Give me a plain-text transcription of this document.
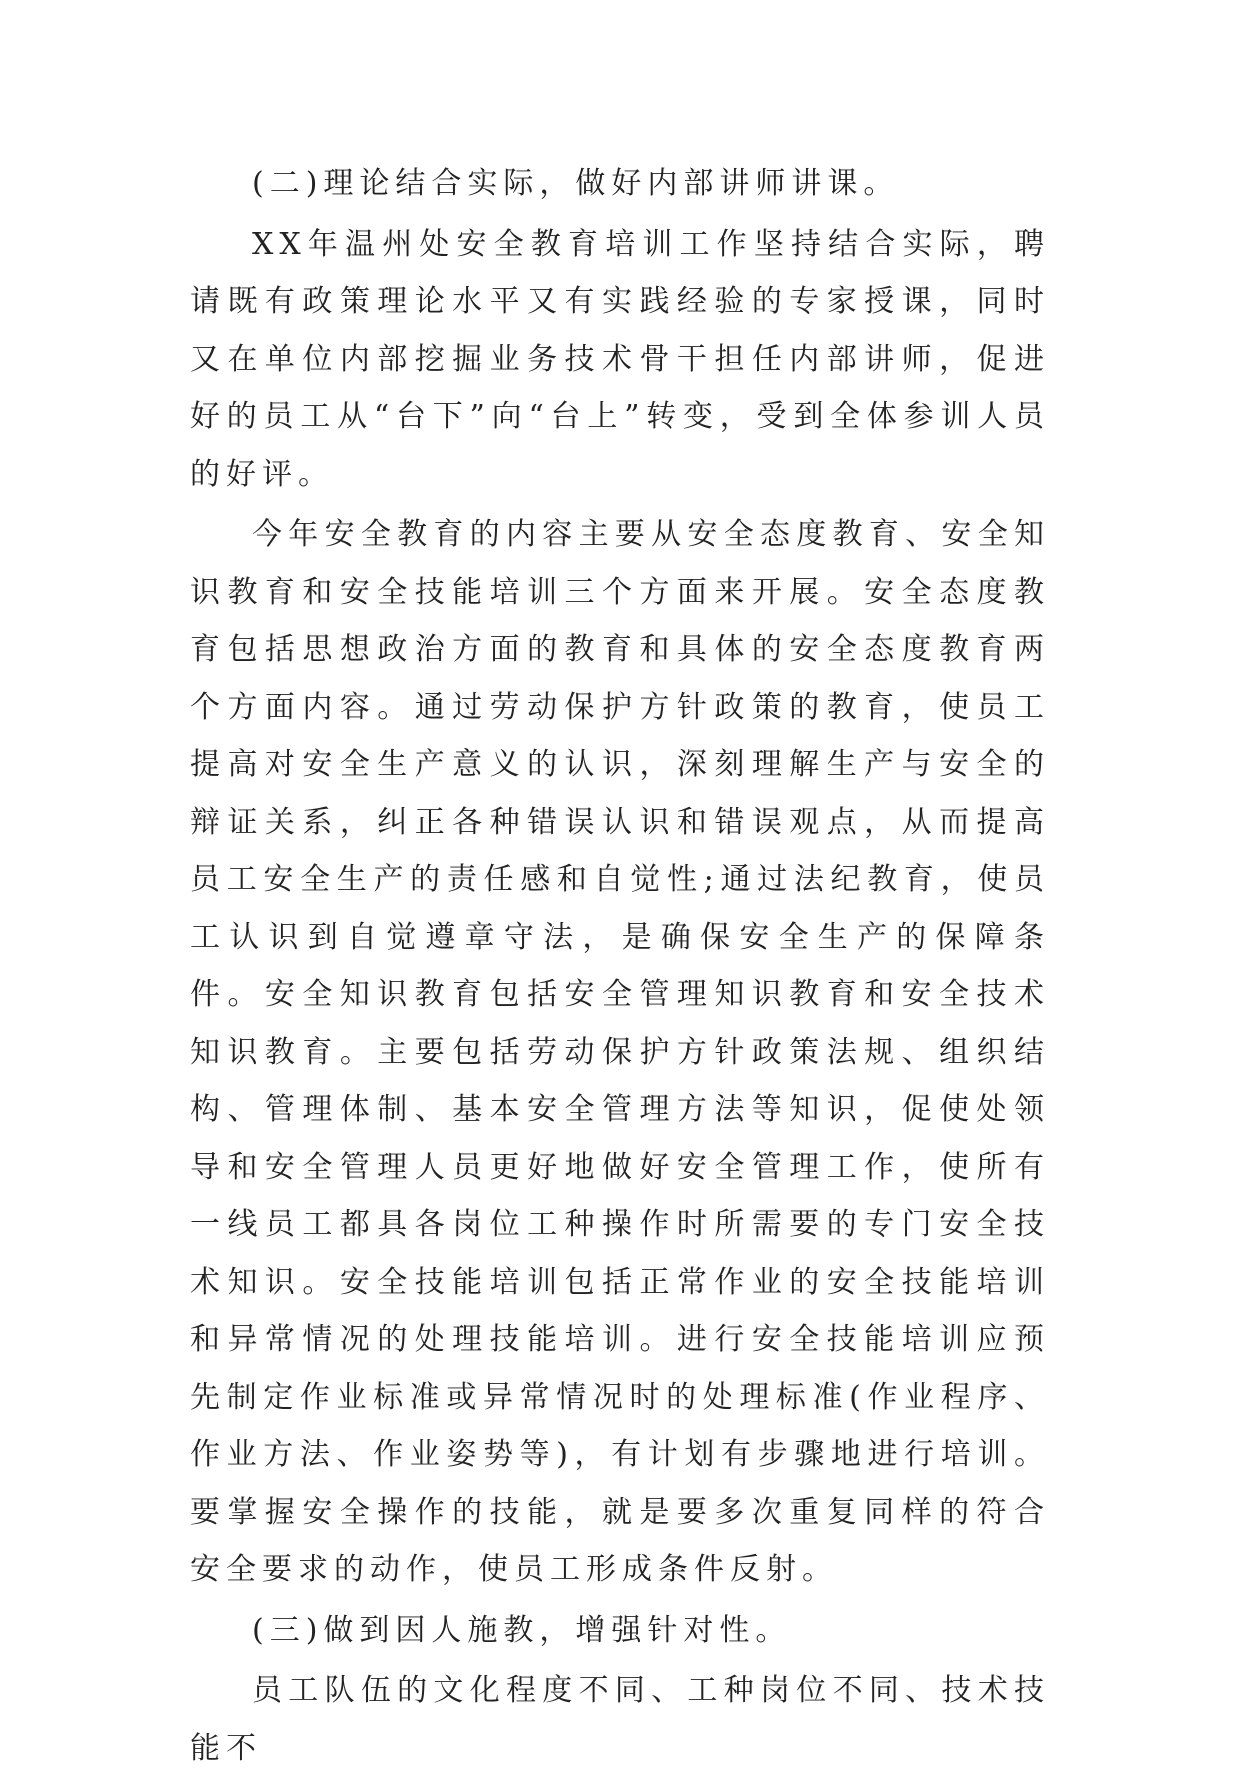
(二)理论结合实际，做好内部讲师讲课。

XX年温州处安全教育培训工作坚持结合实际，聘请既有政策理论水平又有实践经验的专家授课，同时又在单位内部挖掘业务技术骨干担任内部讲师，促进好的员工从“台下”向“台上”转变，受到全体参训人员的好评。

今年安全教育的内容主要从安全态度教育、安全知识教育和安全技能培训三个方面来开展。安全态度教育包括思想政治方面的教育和具体的安全态度教育两个方面内容。通过劳动保护方针政策的教育，使员工提高对安全生产意义的认识，深刻理解生产与安全的辩证关系，纠正各种错误认识和错误观点，从而提高员工安全生产的责任感和自觉性;通过法纪教育，使员工认识到自觉遵章守法，是确保安全生产的保障条件。安全知识教育包括安全管理知识教育和安全技术知识教育。主要包括劳动保护方针政策法规、组织结构、管理体制、基本安全管理方法等知识，促使处领导和安全管理人员更好地做好安全管理工作，使所有一线员工都具各岗位工种操作时所需要的专门安全技术知识。安全技能培训包括正常作业的安全技能培训和异常情况的处理技能培训。进行安全技能培训应预先制定作业标准或异常情况时的处理标准(作业程序、作业方法、作业姿势等)，有计划有步骤地进行培训。要掌握安全操作的技能，就是要多次重复同样的符合安全要求的动作，使员工形成条件反射。

(三)做到因人施教，增强针对性。

员工队伍的文化程度不同、工种岗位不同、技术技能不
